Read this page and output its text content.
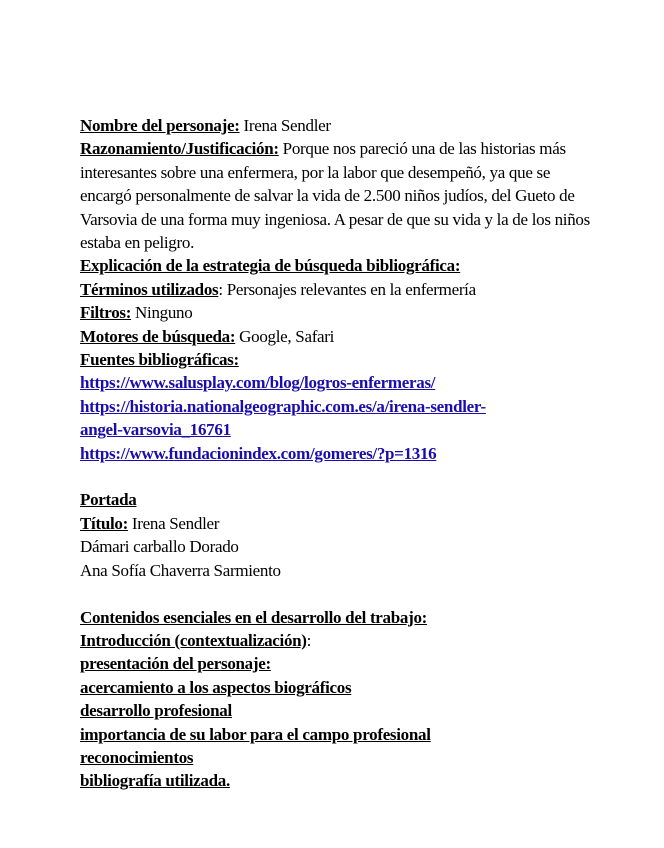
Nombre del personaje: Irena Sendler
Razonamiento/Justificación: Porque nos pareció una de las historias más interesantes sobre una enfermera, por la labor que desempeñó, ya que se encargó personalmente de salvar la vida de 2.500 niños judíos, del Gueto de Varsovia de una forma muy ingeniosa. A pesar de que su vida y la de los niños estaba en peligro.
Explicación de la estrategia de búsqueda bibliográfica:
Términos utilizados: Personajes relevantes en la enfermería
Filtros: Ninguno
Motores de búsqueda: Google, Safari
Fuentes bibliográficas:
https://www.salusplay.com/blog/logros-enfermeras/
https://historia.nationalgeographic.com.es/a/irena-sendler-
angel-varsovia_16761
https://www.fundacionindex.com/gomeres/?p=1316
Portada
Título: Irena Sendler
Dámari carballo Dorado
Ana Sofía Chaverra Sarmiento
Contenidos esenciales en el desarrollo del trabajo:
Introducción (contextualización):
presentación del personaje:
acercamiento a los aspectos biográficos
desarrollo profesional
importancia de su labor para el campo profesional
reconocimientos
bibliografía utilizada.
